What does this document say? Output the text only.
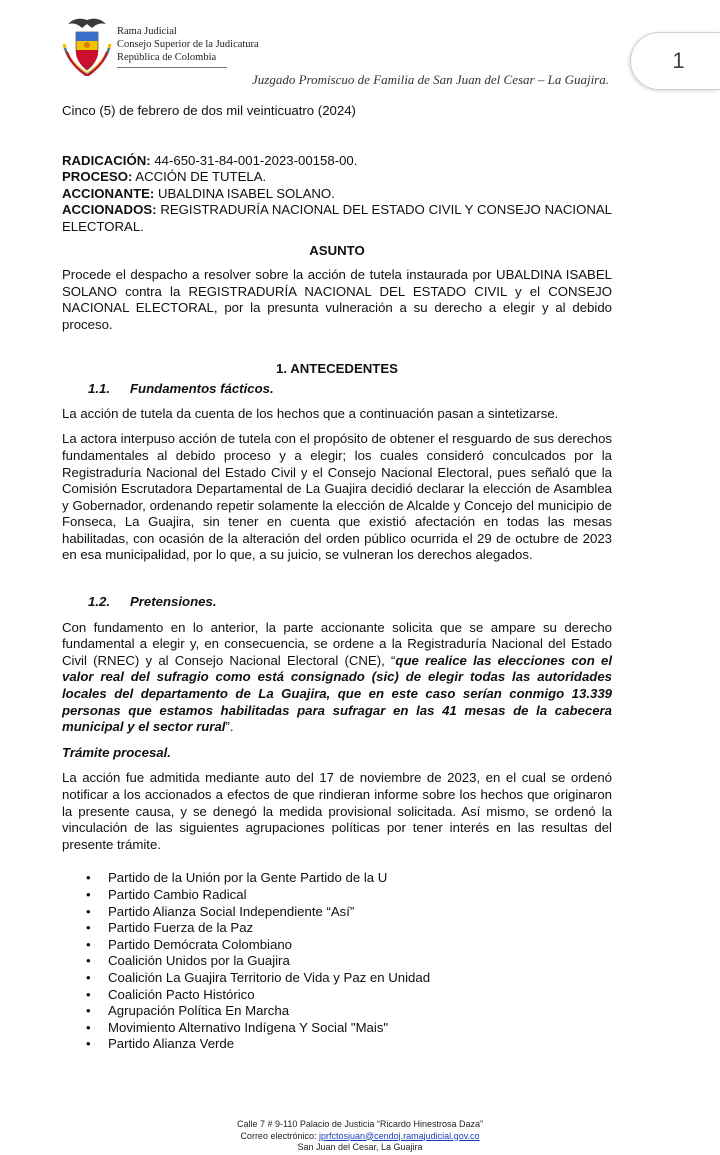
Rama Judicial
Consejo Superior de la Judicatura
República de Colombia
Juzgado Promiscuo de Familia de San Juan del Cesar – La Guajira.
1
Cinco (5) de febrero de dos mil veinticuatro (2024)
RADICACIÓN: 44-650-31-84-001-2023-00158-00.
PROCESO: ACCIÓN DE TUTELA.
ACCIONANTE: UBALDINA ISABEL SOLANO.
ACCIONADOS: REGISTRADURÍA NACIONAL DEL ESTADO CIVIL Y CONSEJO NACIONAL ELECTORAL.
ASUNTO
Procede el despacho a resolver sobre la acción de tutela instaurada por UBALDINA ISABEL SOLANO contra la REGISTRADURÍA NACIONAL DEL ESTADO CIVIL y el CONSEJO NACIONAL ELECTORAL, por la presunta vulneración a su derecho a elegir y al debido proceso.
1. ANTECEDENTES
1.1. Fundamentos fácticos.
La acción de tutela da cuenta de los hechos que a continuación pasan a sintetizarse.
La actora interpuso acción de tutela con el propósito de obtener el resguardo de sus derechos fundamentales al debido proceso y a elegir; los cuales consideró conculcados por la Registraduría Nacional del Estado Civil y el Consejo Nacional Electoral, pues señaló que la Comisión Escrutadora Departamental de La Guajira decidió declarar la elección de Asamblea y Gobernador, ordenando repetir solamente la elección de Alcalde y Concejo del municipio de Fonseca, La Guajira, sin tener en cuenta que existió afectación en todas las mesas habilitadas, con ocasión de la alteración del orden público ocurrida el 29 de octubre de 2023 en esa municipalidad, por lo que, a su juicio, se vulneran los derechos alegados.
1.2. Pretensiones.
Con fundamento en lo anterior, la parte accionante solicita que se ampare su derecho fundamental a elegir y, en consecuencia, se ordene a la Registraduría Nacional del Estado Civil (RNEC) y al Consejo Nacional Electoral (CNE), “que realice las elecciones con el valor real del sufragio como está consignado (sic) de elegir todas las autoridades locales del departamento de La Guajira, que en este caso serían conmigo 13.339 personas que estamos habilitadas para sufragar en las 41 mesas de la cabecera municipal y el sector rural”.
Trámite procesal.
La acción fue admitida mediante auto del 17 de noviembre de 2023, en el cual se ordenó notificar a los accionados a efectos de que rindieran informe sobre los hechos que originaron la presente causa, y se denegó la medida provisional solicitada. Así mismo, se ordenó la vinculación de las siguientes agrupaciones políticas por tener interés en las resultas del presente trámite.
• Partido de la Unión por la Gente Partido de la U
• Partido Cambio Radical
• Partido Alianza Social Independiente “Así”
• Partido Fuerza de la Paz
• Partido Demócrata Colombiano
• Coalición Unidos por la Guajira
• Coalición La Guajira Territorio de Vida y Paz en Unidad
• Coalición Pacto Histórico
• Agrupación Política En Marcha
• Movimiento Alternativo Indígena Y Social "Mais"
• Partido Alianza Verde
Calle 7 # 9-110 Palacio de Justicia “Ricardo Hinestrosa Daza”
Correo electrónico: jprfctosjuan@cendoj.ramajudicial.gov.co
San Juan del Cesar, La Guajira
